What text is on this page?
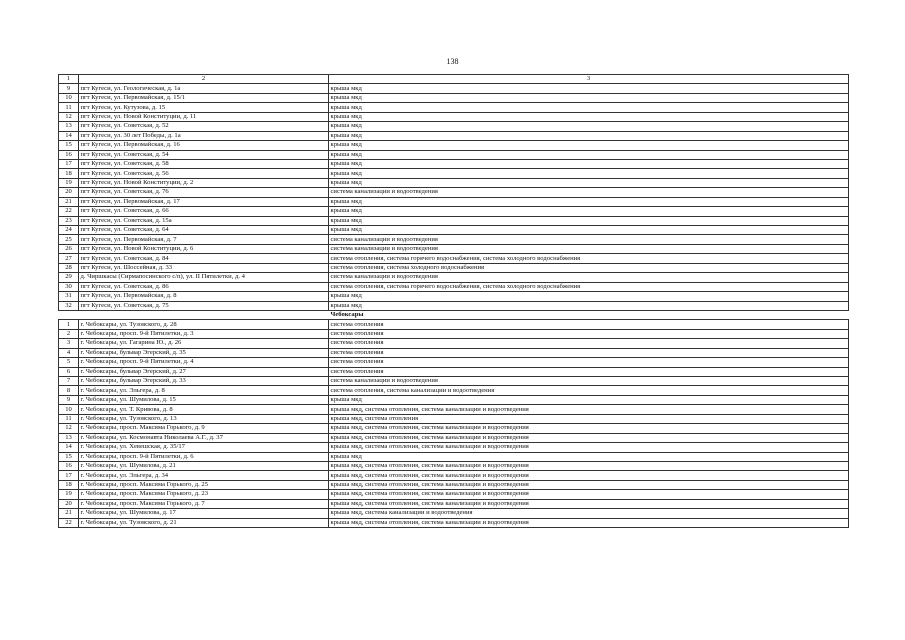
138
1	2	3
9	пгт Кугеси, ул. Геологическая, д. 1а	крыша мкд
10	пгт Кугеси, ул. Первомайская, д. 15/1	крыша мкд
11	пгт Кугеси, ул. Кутузова, д. 15	крыша мкд
12	пгт Кугеси, ул. Новой Конституции, д. 11	крыша мкд
13	пгт Кугеси, ул. Советская, д. 52	крыша мкд
14	пгт Кугеси, ул. 30 лет Победы, д. 1а	крыша мкд
15	пгт Кугеси, ул. Первомайская, д. 16	крыша мкд
16	пгт Кугеси, ул. Советская, д. 54	крыша мкд
17	пгт Кугеси, ул. Советская, д. 58	крыша мкд
18	пгт Кугеси, ул. Советская, д. 56	крыша мкд
19	пгт Кугеси, ул. Новой Конституции, д. 2	крыша мкд
20	пгт Кугеси, ул. Советская, д. 76	система канализации и водоотведения
21	пгт Кугеси, ул. Первомайская, д. 17	крыша мкд
22	пгт Кугеси, ул. Советская, д. 66	крыша мкд
23	пгт Кугеси, ул. Советская, д. 15а	крыша мкд
24	пгт Кугеси, ул. Советская, д. 64	крыша мкд
25	пгт Кугеси, ул. Первомайская, д. 7	система канализации и водоотведения
26	пгт Кугеси, ул. Новой Конституции, д. 6	система канализации и водоотведения
27	пгт Кугеси, ул. Советская, д. 84	система отопления, система горячего водоснабжения, система холодного водоснабжения
28	пгт Кугеси, ул. Шоссейная, д. 33	система отопления, система холодного водоснабжения
29	д. Чиршкасы (Сирмапосинского с/п), ул. II Пятилетки, д. 4	система канализации и водоотведения
30	пгт Кугеси, ул. Советская, д. 86	система отопления, система горячего водоснабжения, система холодного водоснабжения
31	пгт Кугеси, ул. Первомайская, д. 8	крыша мкд
32	пгт Кугеси, ул. Советская, д. 75	крыша мкд
		Чебоксары
1	г. Чебоксары, ул. Тузовского, д. 28	система отопления
2	г. Чебоксары, просп. 9-й Пятилетки, д. 3	система отопления
3	г. Чебоксары, ул. Гагарина Ю., д. 26	система отопления
4	г. Чебоксары, бульвар Эгерский, д. 35	система отопления
5	г. Чебоксары, просп. 9-й Пятилетки, д. 4	система отопления
6	г. Чебоксары, бульвар Эгерский, д. 27	система отопления
7	г. Чебоксары, бульвар Эгерский, д. 33	система канализации и водоотведения
8	г. Чебоксары, ул. Эльгера, д. 8	система отопления, система канализации и водоотведения
9	г. Чебоксары, ул. Шумилова, д. 15	крыша мкд
10	г. Чебоксары, ул. Т. Кривова, д. 8	крыша мкд, система отопления, система канализации и водоотведения
11	г. Чебоксары, ул. Тузовского, д. 13	крыша мкд, система отопления
12	г. Чебоксары, просп. Максима Горького, д. 9	крыша мкд, система отопления, система канализации и водоотведения
13	г. Чебоксары, ул. Космонавта Николаева А.Г., д. 37	крыша мкд, система отопления, система канализации и водоотведения
14	г. Чебоксары, ул. Хевешская, д. 35/17	крыша мкд, система отопления, система канализации и водоотведения
15	г. Чебоксары, просп. 9-й Пятилетки, д. 6	крыша мкд
16	г. Чебоксары, ул. Шумилова, д. 21	крыша мкд, система отопления, система канализации и водоотведения
17	г. Чебоксары, ул. Эльгера, д. 34	крыша мкд, система отопления, система канализации и водоотведения
18	г. Чебоксары, просп. Максима Горького, д. 25	крыша мкд, система отопления, система канализации и водоотведения
19	г. Чебоксары, просп. Максима Горького, д. 23	крыша мкд, система отопления, система канализации и водоотведения
20	г. Чебоксары, просп. Максима Горького, д. 7	крыша мкд, система отопления, система канализации и водоотведения
21	г. Чебоксары, ул. Шумилова, д. 17	крыша мкд, система канализации и водоотведения
22	г. Чебоксары, ул. Тузовского, д. 21	крыша мкд, система отопления, система канализации и водоотведения
